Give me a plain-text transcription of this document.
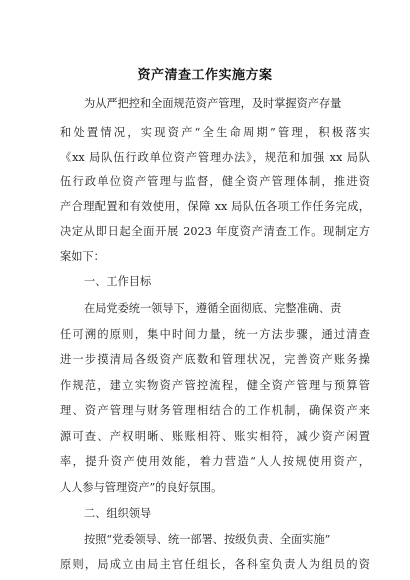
资产清查工作实施方案
为从严把控和全面规范资产管理，及时掌握资产存量
和处置情况，实现资产“全生命周期”管理，积极落实
《xx 局队伍行政单位资产管理办法》，规范和加强 xx 局队
伍行政单位资产管理与监督，健全资产管理体制，推进资
产合理配置和有效使用，保障 xx 局队伍各项工作任务完成，
决定从即日起全面开展 2023 年度资产清查工作。现制定方
案如下：
一、工作目标
在局党委统一领导下，遵循全面彻底、完整准确、责
任可溯的原则，集中时间力量，统一方法步骤，通过清查
进一步摸清局各级资产底数和管理状况，完善资产账务操
作规范，建立实物资产管控流程，健全资产管理与预算管
理、资产管理与财务管理相结合的工作机制，确保资产来
源可查、产权明晰、账账相符、账实相符，减少资产闲置
率，提升资产使用效能，着力营造“人人按规使用资产，
人人参与管理资产”的良好氛围。
二、组织领导
按照“党委领导、统一部署、按级负责、全面实施”
原则，局成立由局主官任组长，各科室负责人为组员的资
